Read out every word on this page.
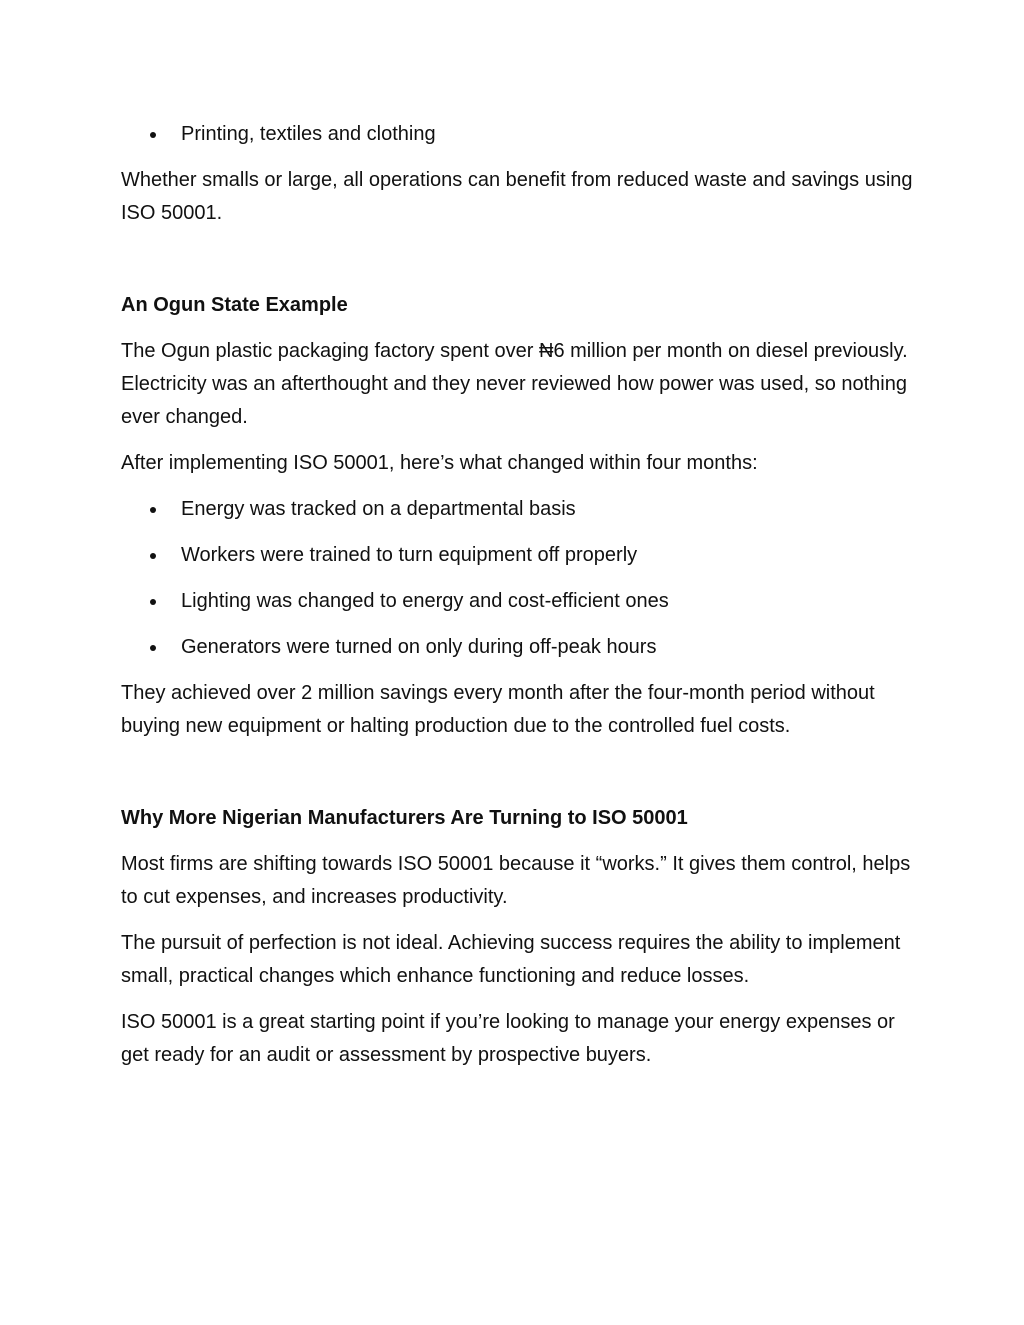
Printing, textiles and clothing

Whether smalls or large, all operations can benefit from reduced waste and savings using ISO 50001.

An Ogun State Example

The Ogun plastic packaging factory spent over ₦6 million per month on diesel previously. Electricity was an afterthought and they never reviewed how power was used, so nothing ever changed.

After implementing ISO 50001, here’s what changed within four months:

Energy was tracked on a departmental basis
Workers were trained to turn equipment off properly
Lighting was changed to energy and cost-efficient ones
Generators were turned on only during off-peak hours

They achieved over 2 million savings every month after the four-month period without buying new equipment or halting production due to the controlled fuel costs.

Why More Nigerian Manufacturers Are Turning to ISO 50001

Most firms are shifting towards ISO 50001 because it “works.” It gives them control, helps to cut expenses, and increases productivity.

The pursuit of perfection is not ideal. Achieving success requires the ability to implement small, practical changes which enhance functioning and reduce losses.

ISO 50001 is a great starting point if you’re looking to manage your energy expenses or get ready for an audit or assessment by prospective buyers.
